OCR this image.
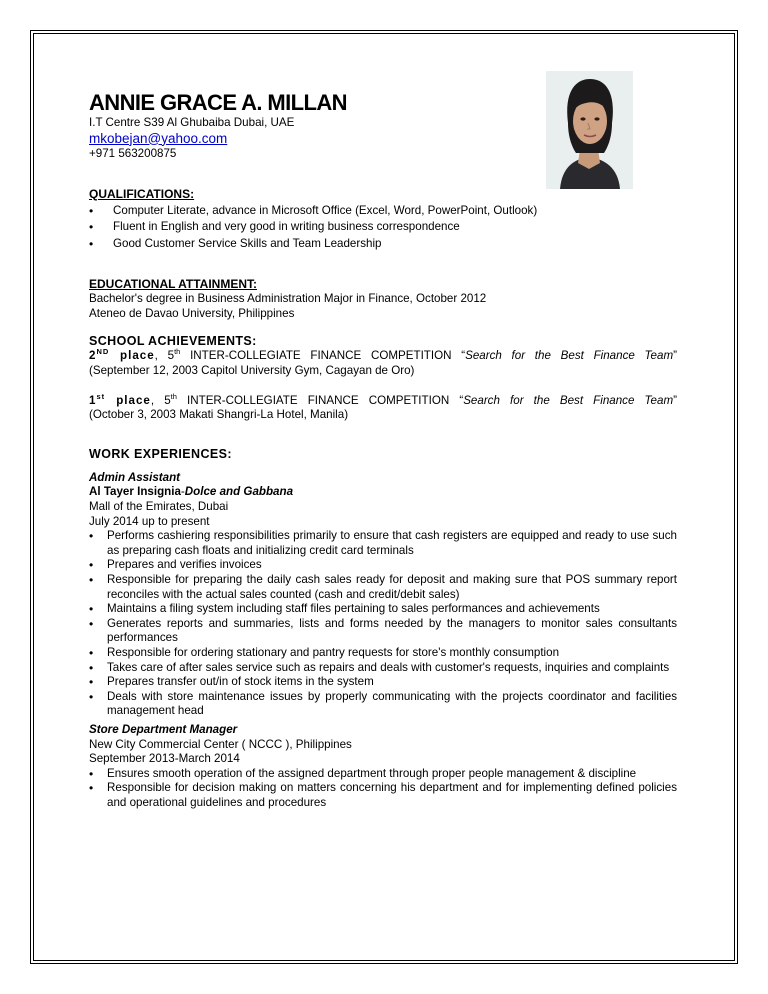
ANNIE GRACE A. MILLAN
I.T Centre S39 Al Ghubaiba Dubai, UAE
mkobejan@yahoo.com
+971 563200875
QUALIFICATIONS:
• Computer Literate, advance in Microsoft Office (Excel, Word, PowerPoint, Outlook)
• Fluent in English and very good in writing business correspondence
• Good Customer Service Skills and Team Leadership
EDUCATIONAL ATTAINMENT:
Bachelor's degree in Business Administration Major in Finance, October 2012
Ateneo de Davao University, Philippines
SCHOOL ACHIEVEMENTS:
2ND place, 5th INTER-COLLEGIATE FINANCE COMPETITION “Search for the Best Finance Team”
(September 12, 2003 Capitol University Gym, Cagayan de Oro)
1st place, 5th INTER-COLLEGIATE FINANCE COMPETITION “Search for the Best Finance Team”
(October 3, 2003 Makati Shangri-La Hotel, Manila)
WORK EXPERIENCES:
Admin Assistant
Al Tayer Insignia-Dolce and Gabbana
Mall of the Emirates, Dubai
July 2014 up to present
• Performs cashiering responsibilities primarily to ensure that cash registers are equipped and ready to use such as preparing cash floats and initializing credit card terminals
• Prepares and verifies invoices
• Responsible for preparing the daily cash sales ready for deposit and making sure that POS summary report reconciles with the actual sales counted (cash and credit/debit sales)
• Maintains a filing system including staff files pertaining to sales performances and achievements
• Generates reports and summaries, lists and forms needed by the managers to monitor sales consultants performances
• Responsible for ordering stationary and pantry requests for store's monthly consumption
• Takes care of after sales service such as repairs and deals with customer's requests, inquiries and complaints
• Prepares transfer out/in of stock items in the system
• Deals with store maintenance issues by properly communicating with the projects coordinator and facilities management head
Store Department Manager
New City Commercial Center ( NCCC ), Philippines
September 2013-March 2014
• Ensures smooth operation of the assigned department through proper people management & discipline
• Responsible for decision making on matters concerning his department and for implementing defined policies and operational guidelines and procedures
